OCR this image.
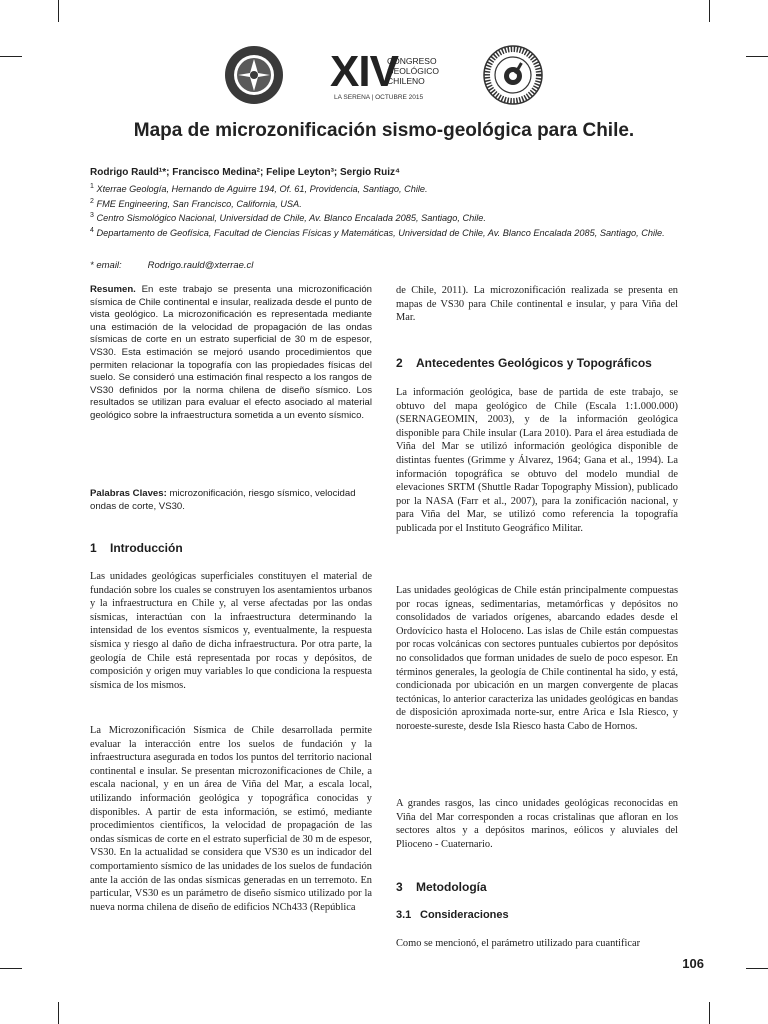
XIV
CONGRESO
GEOLÓGICO
CHILENO
LA SERENA | OCTUBRE 2015
Mapa de microzonificación sismo-geológica para Chile.
Rodrigo Rauld¹*; Francisco Medina²; Felipe Leyton³; Sergio Ruiz⁴
$^1$ Xterrae Geología, Hernando de Aguirre 194, Of. 61, Providencia, Santiago, Chile.
$^2$ FME Engineering, San Francisco, California, USA.
$^3$ Centro Sismológico Nacional, Universidad de Chile, Av. Blanco Encalada 2085, Santiago, Chile.
$^4$ Departamento de Geofísica, Facultad de Ciencias Físicas y Matemáticas, Universidad de Chile, Av. Blanco Encalada 2085, Santiago, Chile.
* email:	Rodrigo.rauld@xterrae.cl
Resumen. En este trabajo se presenta una microzonificación sísmica de Chile continental e insular, realizada desde el punto de vista geológico. La microzonificación es representada mediante una estimación de la velocidad de propagación de las ondas sísmicas de corte en un estrato superficial de 30 m de espesor, VS30. Esta estimación se mejoró usando procedimientos que permiten relacionar la topografía con las propiedades físicas del suelo. Se consideró una estimación final respecto a los rangos de VS30 definidos por la norma chilena de diseño sísmico. Los resultados se utilizan para evaluar el efecto asociado al material geológico sobre la infraestructura sometida a un evento sísmico.
Palabras Claves: microzonificación, riesgo sísmico, velocidad ondas de corte, VS30.
1 Introducción
Las unidades geológicas superficiales constituyen el material de fundación sobre los cuales se construyen los asentamientos urbanos y la infraestructura en Chile y, al verse afectadas por las ondas sísmicas, interactúan con la infraestructura determinando la intensidad de los eventos sísmicos y, eventualmente, la respuesta sísmica y riesgo al daño de dicha infraestructura. Por otra parte, la geología de Chile está representada por rocas y depósitos, de composición y origen muy variables lo que condiciona la respuesta sísmica de los mismos.
La Microzonificación Sísmica de Chile desarrollada permite evaluar la interacción entre los suelos de fundación y la infraestructura asegurada en todos los puntos del territorio nacional continental e insular. Se presentan microzonificaciones de Chile, a escala nacional, y en un área de Viña del Mar, a escala local, utilizando información geológica y topográfica conocidas y disponibles. A partir de esta información, se estimó, mediante procedimientos científicos, la velocidad de propagación de las ondas sísmicas de corte en el estrato superficial de 30 m de espesor, VS30. En la actualidad se considera que VS30 es un indicador del comportamiento sísmico de las unidades de los suelos de fundación ante la acción de las ondas sísmicas generadas en un terremoto. En particular, VS30 es un parámetro de diseño sísmico utilizado por la nueva norma chilena de diseño de edificios NCh433 (República
de Chile, 2011). La microzonificación realizada se presenta en mapas de VS30 para Chile continental e insular, y para Viña del Mar.
2 Antecedentes Geológicos y Topográficos
La información geológica, base de partida de este trabajo, se obtuvo del mapa geológico de Chile (Escala 1:1.000.000) (SERNAGEOMIN, 2003), y de la información geológica disponible para Chile insular (Lara 2010). Para el área estudiada de Viña del Mar se utilizó información geológica disponible de distintas fuentes (Grimme y Álvarez, 1964; Gana et al., 1994). La información topográfica se obtuvo del modelo mundial de elevaciones SRTM (Shuttle Radar Topography Mission), publicado por la NASA (Farr et al., 2007), para la zonificación nacional, y para Viña del Mar, se utilizó como referencia la topografía publicada por el Instituto Geográfico Militar.
Las unidades geológicas de Chile están principalmente compuestas por rocas ígneas, sedimentarias, metamórficas y depósitos no consolidados de variados orígenes, abarcando edades desde el Ordovícico hasta el Holoceno. Las islas de Chile están compuestas por rocas volcánicas con sectores puntuales cubiertos por depósitos no consolidados que forman unidades de suelo de poco espesor. En términos generales, la geología de Chile continental ha sido, y está, condicionada por ubicación en un margen convergente de placas tectónicas, lo anterior caracteriza las unidades geológicas en bandas de disposición aproximada norte-sur, entre Arica e Isla Riesco, y noroeste-sureste, desde Isla Riesco hasta Cabo de Hornos.
A grandes rasgos, las cinco unidades geológicas reconocidas en Viña del Mar corresponden a rocas cristalinas que afloran en los sectores altos y a depósitos marinos, eólicos y aluviales del Plioceno - Cuaternario.
3 Metodología
3.1 Consideraciones
Como se mencionó, el parámetro utilizado para cuantificar
106
